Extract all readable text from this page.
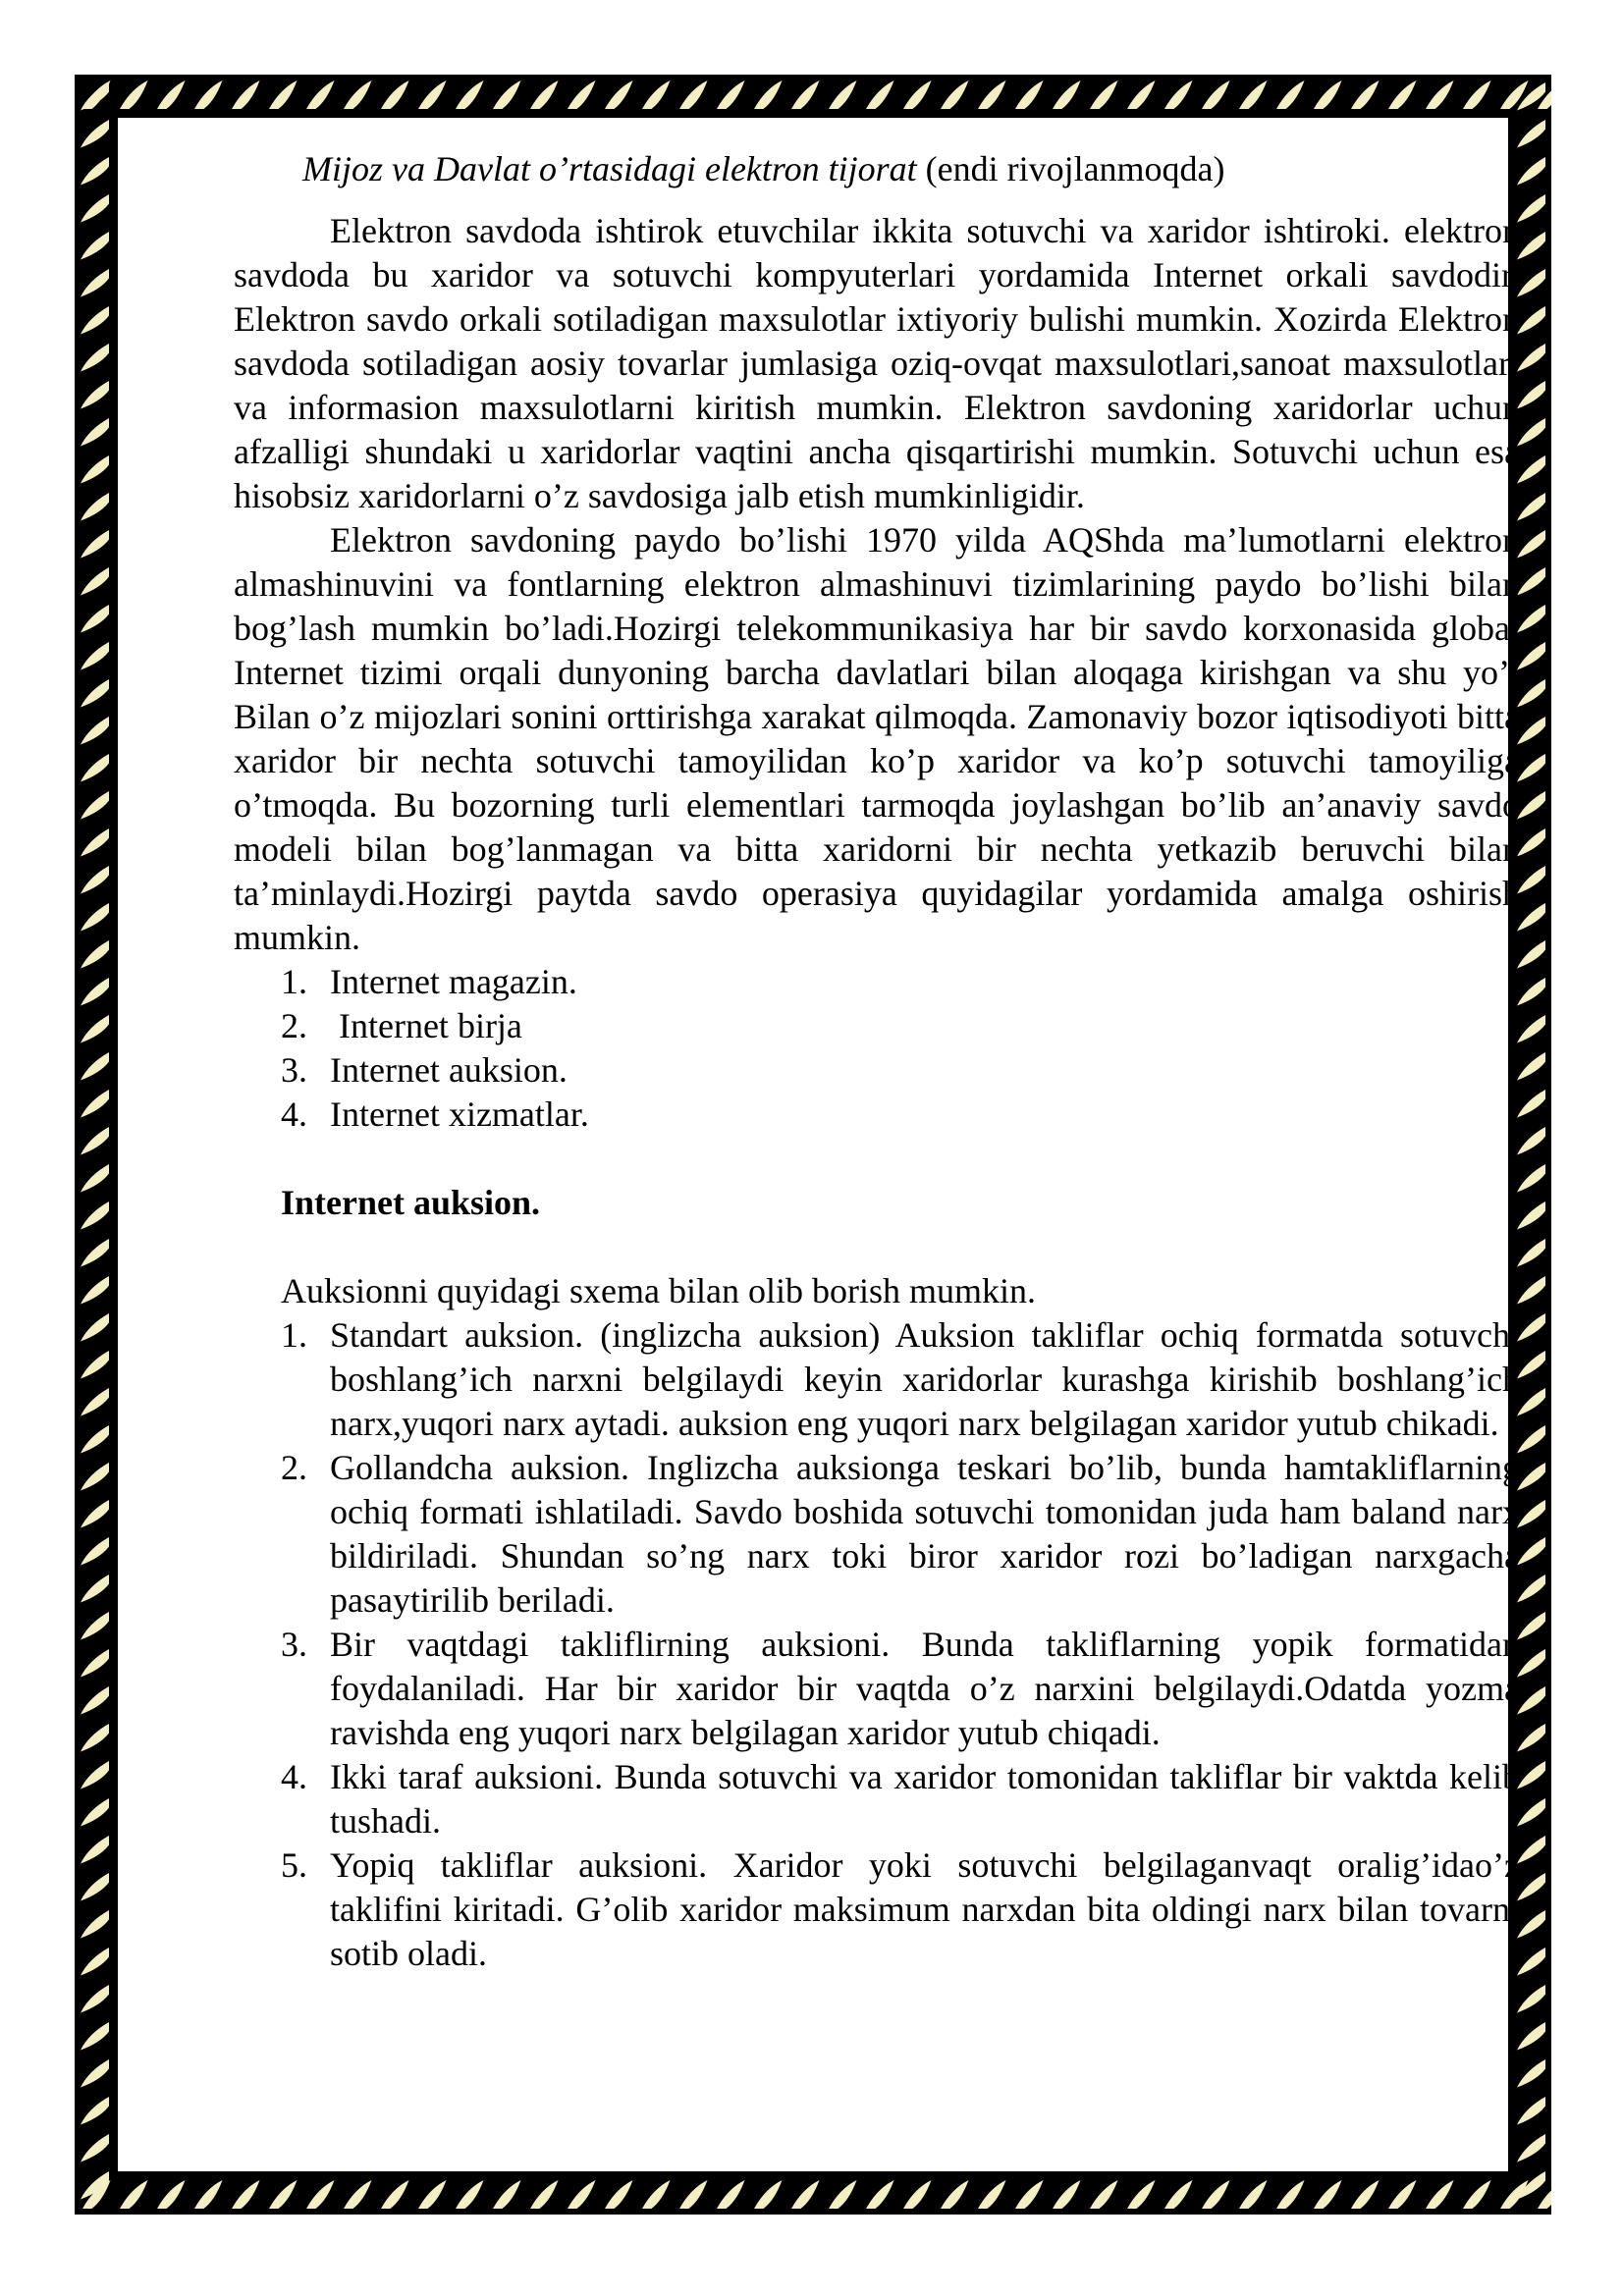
Mijoz va Davlat o’rtasidagi elektron tijorat (endi rivojlanmoqda)

Elektron savdoda ishtirok etuvchilar ikkita sotuvchi va xaridor ishtiroki. elektron savdoda bu xaridor va sotuvchi kompyuterlari yordamida Internet orkali savdodir. Elektron savdo orkali sotiladigan maxsulotlar ixtiyoriy bulishi mumkin. Xozirda Elektron savdoda sotiladigan aosiy tovarlar jumlasiga oziq-ovqat maxsulotlari,sanoat maxsulotlari va informasion maxsulotlarni kiritish mumkin. Elektron savdoning xaridorlar uchun afzalligi shundaki u xaridorlar vaqtini ancha qisqartirishi mumkin. Sotuvchi uchun esa hisobsiz xaridorlarni o’z savdosiga jalb etish mumkinligidir.

Elektron savdoning paydo bo’lishi 1970 yilda AQShda ma’lumotlarni elektron almashinuvini va fontlarning elektron almashinuvi tizimlarining paydo bo’lishi bilan bog’lash mumkin bo’ladi.Hozirgi telekommunikasiya har bir savdo korxonasida global Internet tizimi orqali dunyoning barcha davlatlari bilan aloqaga kirishgan va shu yo’l Bilan o’z mijozlari sonini orttirishga xarakat qilmoqda. Zamonaviy bozor iqtisodiyoti bitta xaridor bir nechta sotuvchi tamoyilidan ko’p xaridor va ko’p sotuvchi tamoyiliga o’tmoqda. Bu bozorning turli elementlari tarmoqda joylashgan bo’lib an’anaviy savdo modeli bilan bog’lanmagan va bitta xaridorni bir nechta yetkazib beruvchi bilan ta’minlaydi.Hozirgi paytda savdo operasiya quyidagilar yordamida amalga oshirish mumkin.

1. Internet magazin.
2. Internet birja
3. Internet auksion.
4. Internet xizmatlar.
Internet auksion.

Auksionni quyidagi sxema bilan olib borish mumkin.

1. Standart auksion. (inglizcha auksion) Auksion takliflar ochiq formatda sotuvchi boshlang’ich narxni belgilaydi keyin xaridorlar kurashga kirishib boshlang’ich narx,yuqori narx aytadi. auksion eng yuqori narx belgilagan xaridor yutub chikadi.
2. Gollandcha auksion. Inglizcha auksionga teskari bo’lib, bunda hamtakliflarning ochiq formati ishlatiladi. Savdo boshida sotuvchi tomonidan juda ham baland narx bildiriladi. Shundan so’ng narx toki biror xaridor rozi bo’ladigan narxgacha pasaytirilib beriladi.
3. Bir vaqtdagi takliflirning auksioni. Bunda takliflarning yopik formatidan foydalaniladi. Har bir xaridor bir vaqtda o’z narxini belgilaydi.Odatda yozma ravishda eng yuqori narx belgilagan xaridor yutub chiqadi.
4. Ikki taraf auksioni. Bunda sotuvchi va xaridor tomonidan takliflar bir vaktda kelib tushadi.
5. Yopiq takliflar auksioni. Xaridor yoki sotuvchi belgilaganvaqt oralig’idao’z taklifini kiritadi. G’olib xaridor maksimum narxdan bita oldingi narx bilan tovarni sotib oladi.
